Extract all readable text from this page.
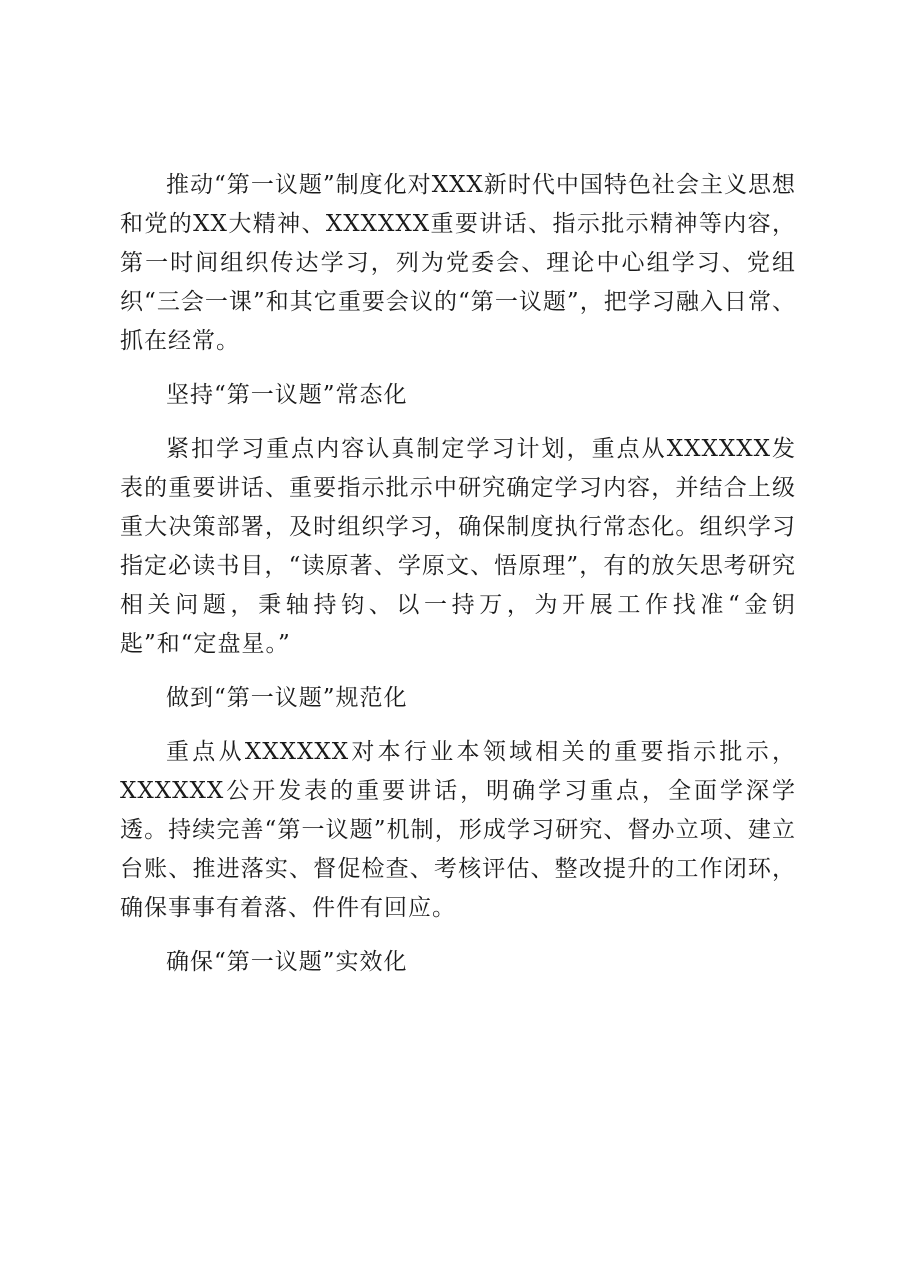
推动“第一议题”制度化对XXX新时代中国特色社会主义思想和党的XX大精神、XXXXXX重要讲话、指示批示精神等内容，第一时间组织传达学习，列为党委会、理论中心组学习、党组织“三会一课”和其它重要会议的“第一议题”，把学习融入日常、抓在经常。

坚持“第一议题”常态化

紧扣学习重点内容认真制定学习计划，重点从XXXXXX发表的重要讲话、重要指示批示中研究确定学习内容，并结合上级重大决策部署，及时组织学习，确保制度执行常态化。组织学习指定必读书目，“读原著、学原文、悟原理”，有的放矢思考研究相关问题，秉轴持钧、以一持万，为开展工作找准“金钥匙”和“定盘星。”

做到“第一议题”规范化

重点从XXXXXX对本行业本领域相关的重要指示批示，XXXXXX公开发表的重要讲话，明确学习重点，全面学深学透。持续完善“第一议题”机制，形成学习研究、督办立项、建立台账、推进落实、督促检查、考核评估、整改提升的工作闭环，确保事事有着落、件件有回应。

确保“第一议题”实效化
